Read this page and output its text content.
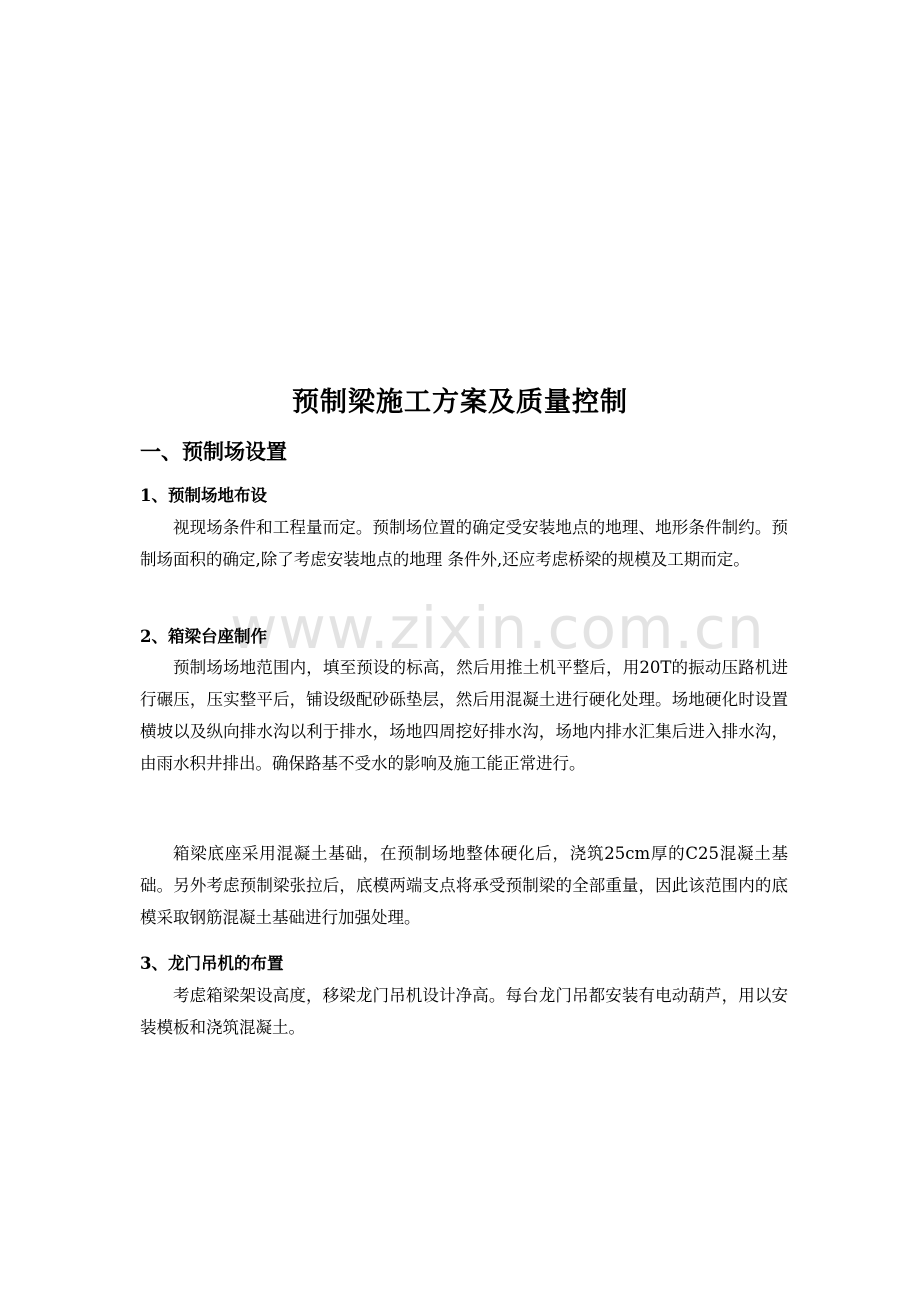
www.zixin.com.cn
预制梁施工方案及质量控制
一、预制场设置
1、预制场地布设

视现场条件和工程量而定。预制场位置的确定受安装地点的地理、地形条件制约。预制场面积的确定,除了考虑安装地点的地理 条件外,还应考虑桥梁的规模及工期而定。

2、箱梁台座制作

预制场场地范围内，填至预设的标高，然后用推土机平整后，用20T的振动压路机进行碾压，压实整平后，铺设级配砂砾垫层，然后用混凝土进行硬化处理。场地硬化时设置横坡以及纵向排水沟以利于排水，场地四周挖好排水沟，场地内排水汇集后进入排水沟，由雨水积井排出。确保路基不受水的影响及施工能正常进行。

箱梁底座采用混凝土基础，在预制场地整体硬化后，浇筑25cm厚的C25混凝土基础。另外考虑预制梁张拉后，底模两端支点将承受预制梁的全部重量，因此该范围内的底模采取钢筋混凝土基础进行加强处理。

3、龙门吊机的布置

考虑箱梁架设高度，移梁龙门吊机设计净高。每台龙门吊都安装有电动葫芦，用以安装模板和浇筑混凝土。
